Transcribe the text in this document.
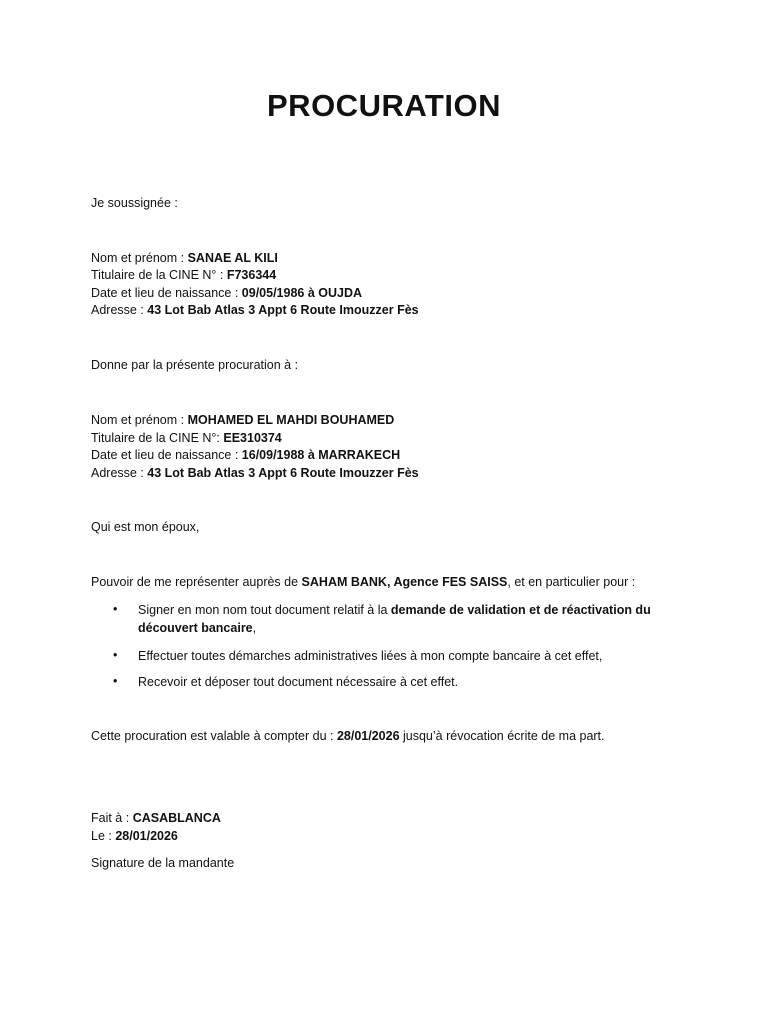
PROCURATION
Je soussignée :
Nom et prénom : SANAE AL KILI
Titulaire de la CINE N° : F736344
Date et lieu de naissance : 09/05/1986 à OUJDA
Adresse : 43 Lot Bab Atlas 3 Appt 6 Route Imouzzer Fès
Donne par la présente procuration à :
Nom et prénom : MOHAMED EL MAHDI BOUHAMED
Titulaire de la CINE N°: EE310374
Date et lieu de naissance : 16/09/1988 à MARRAKECH
Adresse : 43 Lot Bab Atlas 3 Appt 6 Route Imouzzer Fès
Qui est mon époux,
Pouvoir de me représenter auprès de SAHAM BANK, Agence FES SAISS, et en particulier pour :
• Signer en mon nom tout document relatif à la demande de validation et de réactivation du découvert bancaire,
• Effectuer toutes démarches administratives liées à mon compte bancaire à cet effet,
• Recevoir et déposer tout document nécessaire à cet effet.
Cette procuration est valable à compter du : 28/01/2026 jusqu’à révocation écrite de ma part.
Fait à : CASABLANCA
Le : 28/01/2026
Signature de la mandante
